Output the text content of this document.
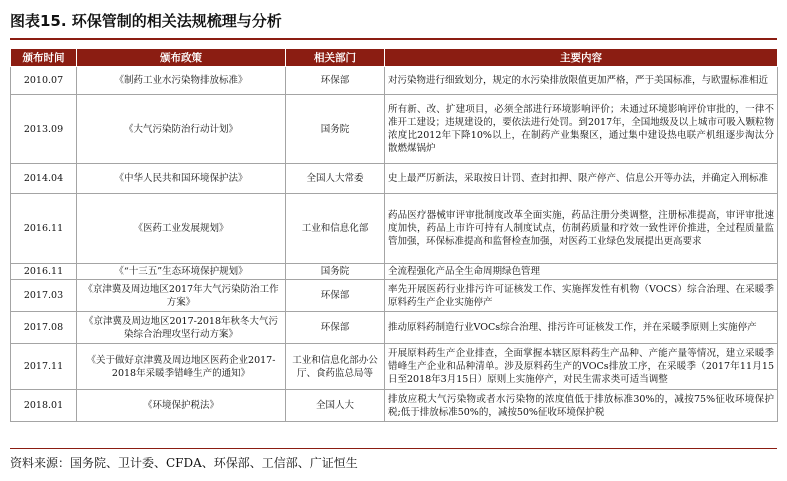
图表15. 环保管制的相关法规梳理与分析
颁布时间	颁布政策	相关部门	主要内容
2010.07	《制药工业水污染物排放标准》	环保部	对污染物进行细致划分，规定的水污染排放限值更加严格，严于美国标准，与欧盟标准相近
2013.09	《大气污染防治行动计划》	国务院	所有新、改、扩建项目，必须全部进行环境影响评价；未通过环境影响评价审批的，一律不准开工建设；违规建设的，要依法进行处罚。到2017年，全国地级及以上城市可吸入颗粒物浓度比2012年下降10%以上，在制药产业集聚区，通过集中建设热电联产机组逐步淘汰分散燃煤锅炉
2014.04	《中华人民共和国环境保护法》	全国人大常委	史上最严厉新法，采取按日计罚、查封扣押、限产停产、信息公开等办法，并确定入刑标准
2016.11	《医药工业发展规划》	工业和信息化部	药品医疗器械审评审批制度改革全面实施，药品注册分类调整，注册标准提高，审评审批速度加快，药品上市许可持有人制度试点，仿制药质量和疗效一致性评价推进，全过程质量监管加强，环保标准提高和监督检查加强，对医药工业绿色发展提出更高要求
2016.11	《“十三五”生态环境保护规划》	国务院	全流程强化产品全生命周期绿色管理
2017.03	《京津冀及周边地区2017年大气污染防治工作方案》	环保部	率先开展医药行业排污许可证核发工作、实施挥发性有机物（VOCS）综合治理、在采暖季原料药生产企业实施停产
2017.08	《京津冀及周边地区2017-2018年秋冬大气污染综合治理攻坚行动方案》	环保部	推动原料药制造行业VOCs综合治理、排污许可证核发工作，并在采暖季原则上实施停产
2017.11	《关于做好京津冀及周边地区医药企业2017-2018年采暖季错峰生产的通知》	工业和信息化部办公厅、食药监总局等	开展原料药生产企业排查，全面掌握本辖区原料药生产品种、产能产量等情况，建立采暖季错峰生产企业和品种清单。涉及原料药生产的VOCs排放工序，在采暖季（2017年11月15日至2018年3月15日）原则上实施停产，对民生需求类可适当调整
2018.01	《环境保护税法》	全国人大	排放应税大气污染物或者水污染物的浓度值低于排放标准30%的，减按75%征收环境保护税;低于排放标准50%的，减按50%征收环境保护税
资料来源：国务院、卫计委、CFDA、环保部、工信部、广证恒生
